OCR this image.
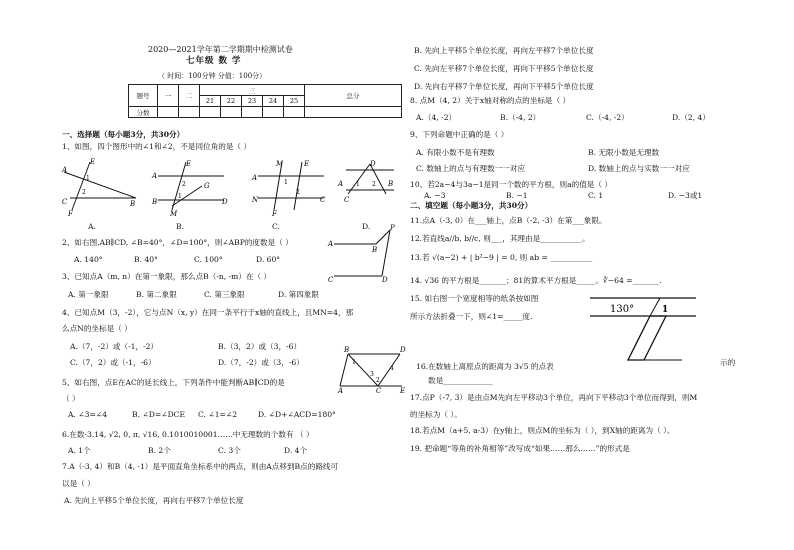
2020—2021学年第二学期期中检测试卷
七年级 数 学
（ 时间：100分钟 分值：100分）
题号	一	二	三					总分
			21	22	23	24	25	
分数								
一、选择题（每小题3分，共30分）
1、如图，四个图形中的∠1和∠2，不是同位角的是（ ）
A
E
1
2
B
C
F
A
E
2	G
1
B	D
M
M	E
1
2
A
N	C
F
D
A 1 2 B
C
A.	B.	C.	D.
2、如右图,AB∥CD, ∠B=40°，∠D=100°，则∠ABP的度数是（ ）
A. 140°	B. 40°	C. 100°	D. 60°
A
B
P
C	D
3、已知点A（m, n）在第一象限，那么点B（-n, -m）在（ ）
A. 第一象限	B. 第二象限	C. 第三象限	D. 第四象限
4、已知点M（3，-2），它与点N（x, y）在同一条平行于x轴的直线上，且MN=4，那
么点N的坐标是（ ）
A.（7，-2）或（-1，-2）	B.（3，2）或（3，-6）
C.（7，2）或（-1，-6）	D.（7，-2）或（3，-6）
B	D
1
3
4
A
2
C	E
5、如右图，点E在AC的延长线上，下列条件中能判断AB∥CD的是
（ ）
A. ∠3=∠4	B. ∠D=∠DCE C. ∠1=∠2	D. ∠D+∠ACD=180°
6.在数-3.14, √2, 0, π, √16, 0.1010010001……中无理数的个数有 （ ）
A. 1个	B. 2个	C. 3个	D. 4个
7.A（-3, 4）和B（4, -1）是平面直角坐标系中的两点，则由A点移到B点的路线可
以是（ ）
A. 先向上平移5个单位长度，再向右平移7个单位长度
B. 先向上平移5个单位长度，再向左平移7个单位长度
C. 先向左平移7个单位长度，再向下平移5个单位长度
D. 先向右平移7个单位长度，再向下平移5个单位长度
8. 点M（4, 2）关于x轴对称的点的坐标是（ ）
A.（4, -2）	B.（-4, 2）	C.（-4, -2）	D.（2, 4）
9、下列命题中正确的是（ ）
A. 有限小数不是有理数	B. 无限小数是无理数
C. 数轴上的点与有理数一一对应	D. 数轴上的点与实数一一对应
10、若2a−4与3a−1是同一个数的平方根，则a的值是（ ）
A. −3	B. −1	C. 1	D. −3或1
二、填空题（每小题3分，共30分）
11.点A（-3, 0）在___轴上，点B（-2, -3）在第___象限。
12.若直线a//b, b//c, 则___，其理由是___________。
13.若 √(a−2) + | b²−9 | = 0, 则 ab = ___________
14. √36 的平方根是_______；81的算术平方根是_____。∛−64 =_______.
15. 如右图一个宽度相等的纸条按如图
所示方法折叠一下，则∠1=_____度.
130°	1
16.在数轴上离原点的距离为 3√5 的点表	示的
数是_____________
17.点P（-7, 3）是由点M先向左平移动3个单位，再向下平移动3个单位而得到，则M
的坐标为（ ）。
18.若点M（a+5, a-3）在y轴上，则点M的坐标为（ ），到X轴的距离为（ ）。
19. 把命题“等角的补角相等”改写成“如果……那么……”的形式是
